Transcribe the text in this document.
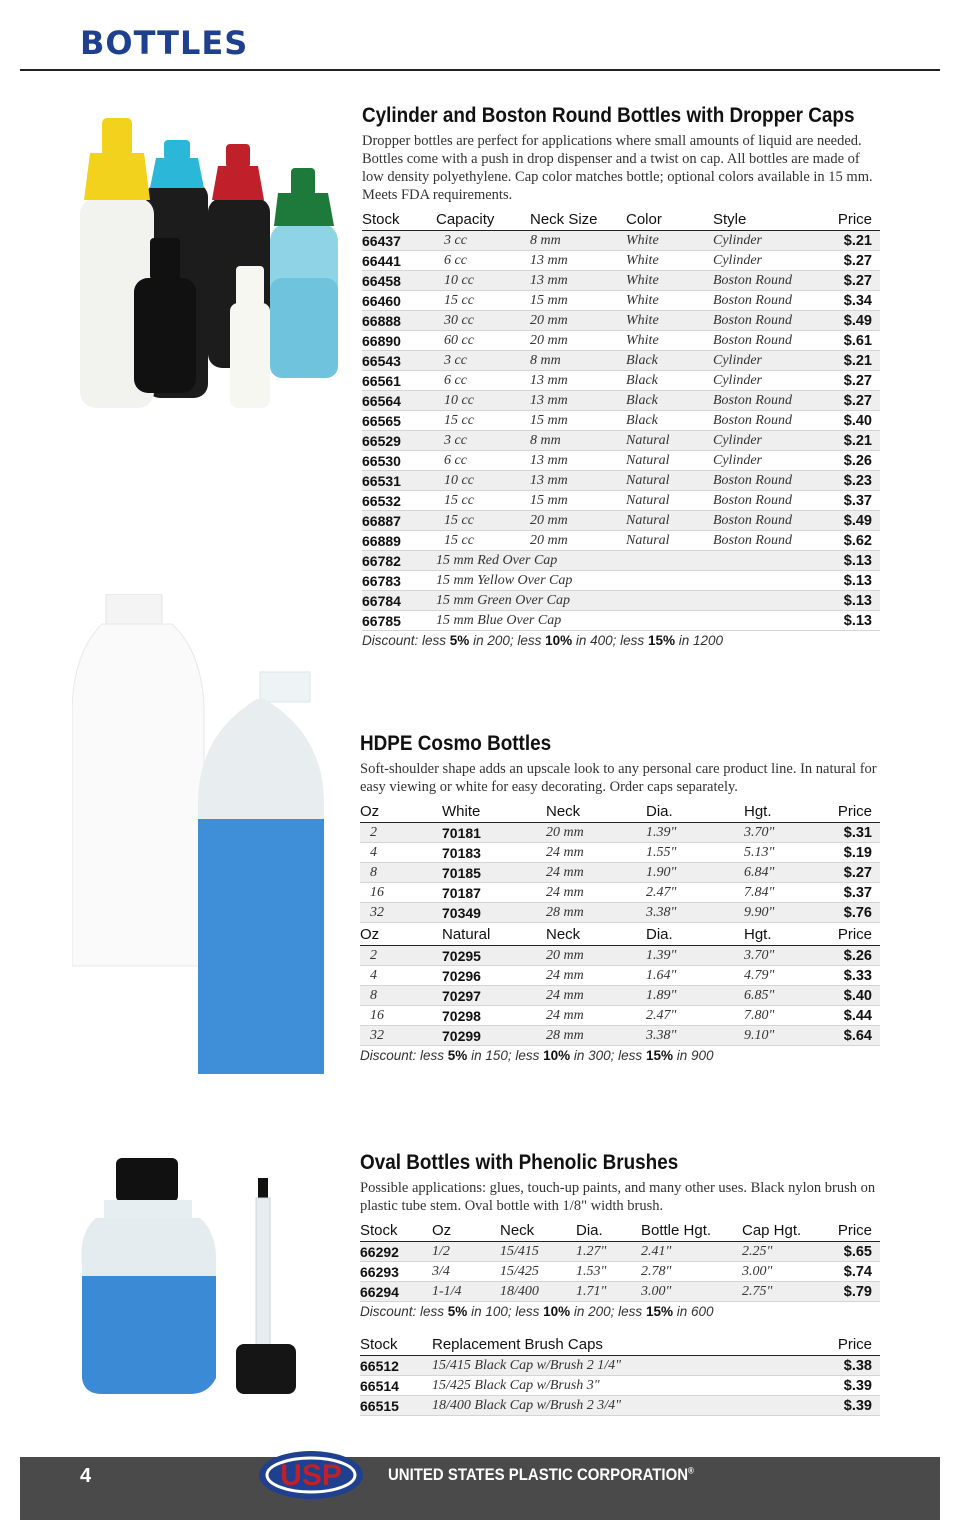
BOTTLES
Cylinder and Boston Round Bottles with Dropper Caps
Dropper bottles are perfect for applications where small amounts of liquid are needed. Bottles come with a push in drop dispenser and a twist on cap. All bottles are made of low density polyethylene. Cap color matches bottle; optional colors available in 15 mm. Meets FDA requirements.
Stock	Capacity	Neck Size	Color	Style	Price
66437	3 cc	8 mm	White	Cylinder	$.21
66441	6 cc	13 mm	White	Cylinder	$.27
66458	10 cc	13 mm	White	Boston Round	$.27
66460	15 cc	15 mm	White	Boston Round	$.34
66888	30 cc	20 mm	White	Boston Round	$.49
66890	60 cc	20 mm	White	Boston Round	$.61
66543	3 cc	8 mm	Black	Cylinder	$.21
66561	6 cc	13 mm	Black	Cylinder	$.27
66564	10 cc	13 mm	Black	Boston Round	$.27
66565	15 cc	15 mm	Black	Boston Round	$.40
66529	3 cc	8 mm	Natural	Cylinder	$.21
66530	6 cc	13 mm	Natural	Cylinder	$.26
66531	10 cc	13 mm	Natural	Boston Round	$.23
66532	15 cc	15 mm	Natural	Boston Round	$.37
66887	15 cc	20 mm	Natural	Boston Round	$.49
66889	15 cc	20 mm	Natural	Boston Round	$.62
66782	15 mm Red Over Cap				$.13
66783	15 mm Yellow Over Cap				$.13
66784	15 mm Green Over Cap				$.13
66785	15 mm Blue Over Cap				$.13
Discount: less 5% in 200; less 10% in 400; less 15% in 1200
HDPE Cosmo Bottles
Soft-shoulder shape adds an upscale look to any personal care product line. In natural for easy viewing or white for easy decorating. Order caps separately.
Oz	White	Neck	Dia.	Hgt.	Price
2	70181	20 mm	1.39"	3.70"	$.31
4	70183	24 mm	1.55"	5.13"	$.19
8	70185	24 mm	1.90"	6.84"	$.27
16	70187	24 mm	2.47"	7.84"	$.37
32	70349	28 mm	3.38"	9.90"	$.76
Oz	Natural	Neck	Dia.	Hgt.	Price
2	70295	20 mm	1.39"	3.70"	$.26
4	70296	24 mm	1.64"	4.79"	$.33
8	70297	24 mm	1.89"	6.85"	$.40
16	70298	24 mm	2.47"	7.80"	$.44
32	70299	28 mm	3.38"	9.10"	$.64
Discount: less 5% in 150; less 10% in 300; less 15% in 900
Oval Bottles with Phenolic Brushes
Possible applications: glues, touch-up paints, and many other uses. Black nylon brush on plastic tube stem. Oval bottle with 1/8" width brush.
Stock	Oz	Neck	Dia.	Bottle Hgt.	Cap Hgt.	Price
66292	1/2	15/415	1.27"	2.41"	2.25"	$.65
66293	3/4	15/425	1.53"	2.78"	3.00"	$.74
66294	1-1/4	18/400	1.71"	3.00"	2.75"	$.79
Discount: less 5% in 100; less 10% in 200; less 15% in 600
Stock	Replacement Brush Caps	Price
66512	15/415 Black Cap w/Brush 2 1/4"	$.38
66514	15/425 Black Cap w/Brush 3"	$.39
66515	18/400 Black Cap w/Brush 2 3/4"	$.39
4	USP	UNITED STATES PLASTIC CORPORATION®
